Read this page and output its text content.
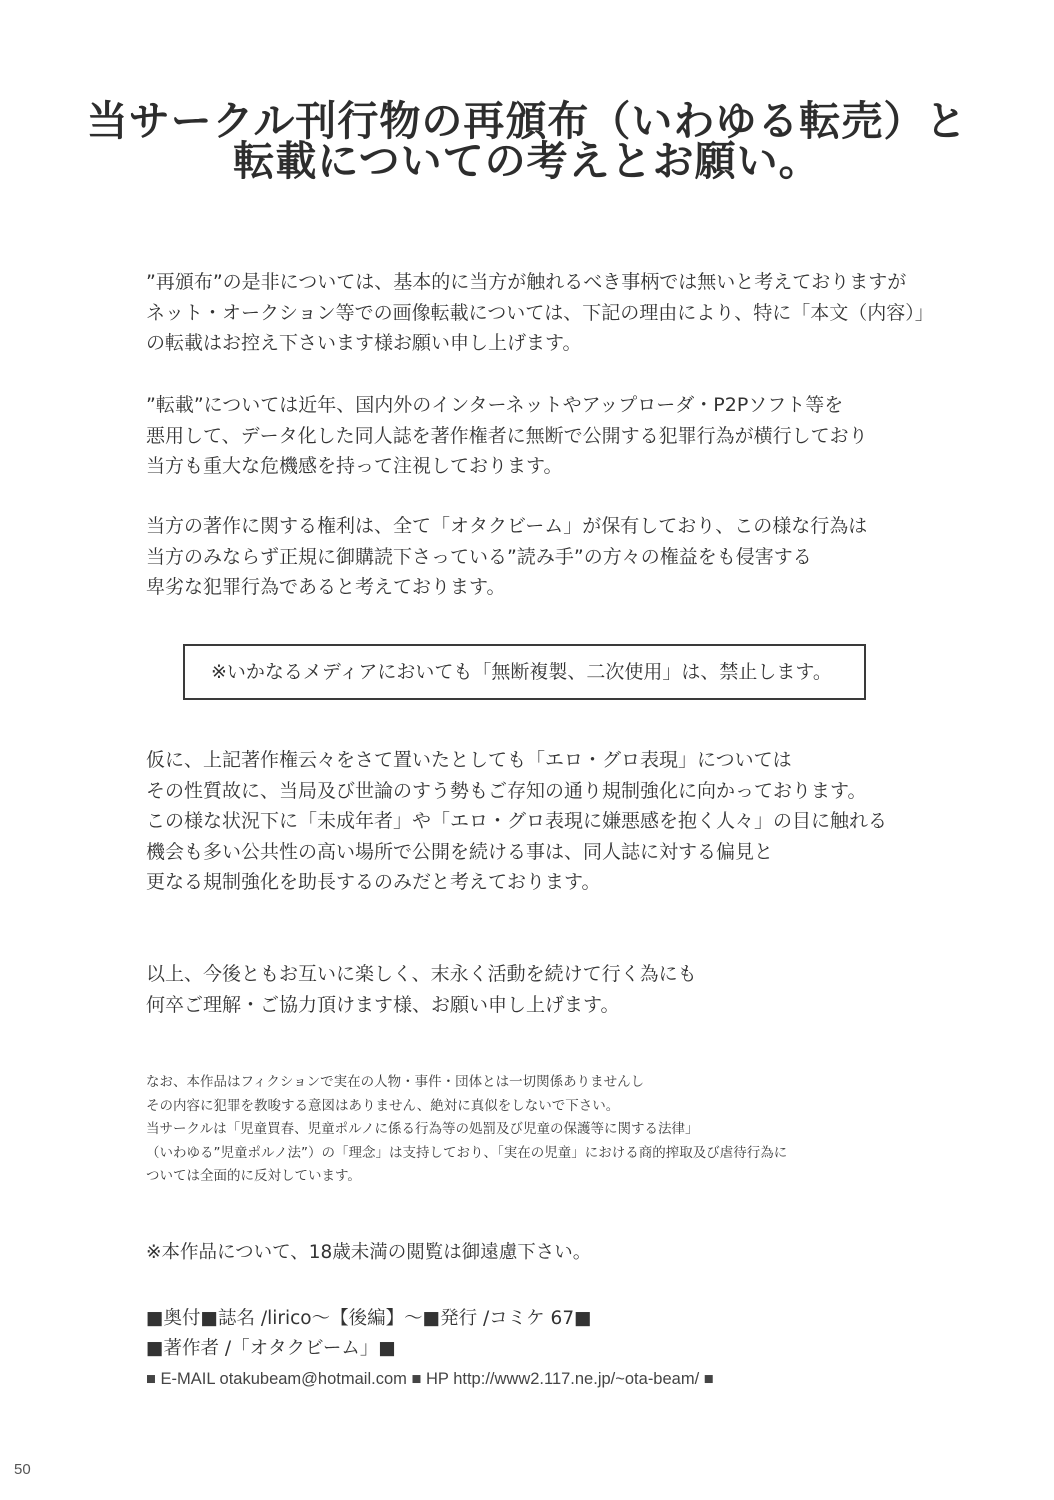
当サークル刊行物の再頒布（いわゆる転売）と
転載についての考えとお願い。
”再頒布”の是非については、基本的に当方が触れるべき事柄では無いと考えておりますが
ネット・オークション等での画像転載については、下記の理由により、特に「本文（内容）」
の転載はお控え下さいます様お願い申し上げます。
”転載”については近年、国内外のインターネットやアップローダ・P2Pソフト等を
悪用して、データ化した同人誌を著作権者に無断で公開する犯罪行為が横行しており
当方も重大な危機感を持って注視しております。
当方の著作に関する権利は、全て「オタクビーム」が保有しており、この様な行為は
当方のみならず正規に御購読下さっている”読み手”の方々の権益をも侵害する
卑劣な犯罪行為であると考えております。
※いかなるメディアにおいても「無断複製、二次使用」は、禁止します。
仮に、上記著作権云々をさて置いたとしても「エロ・グロ表現」については
その性質故に、当局及び世論のすう勢もご存知の通り規制強化に向かっております。
この様な状況下に「未成年者」や「エロ・グロ表現に嫌悪感を抱く人々」の目に触れる
機会も多い公共性の高い場所で公開を続ける事は、同人誌に対する偏見と
更なる規制強化を助長するのみだと考えております。
以上、今後ともお互いに楽しく、末永く活動を続けて行く為にも
何卒ご理解・ご協力頂けます様、お願い申し上げます。
なお、本作品はフィクションで実在の人物・事件・団体とは一切関係ありませんし
その内容に犯罪を教唆する意図はありません、絶対に真似をしないで下さい。
当サークルは「児童買春、児童ポルノに係る行為等の処罰及び児童の保護等に関する法律」
（いわゆる”児童ポルノ法”）の「理念」は支持しており、「実在の児童」における商的搾取及び虐待行為に
ついては全面的に反対しています。
※本作品について、18歳未満の閲覧は御遠慮下さい。
■奥付■誌名 /lirico～【後編】～■発行 /コミケ 67■
■著作者 /「オタクビーム」■
■ E-MAIL otakubeam@hotmail.com ■ HP http://www2.117.ne.jp/~ota-beam/ ■
50
